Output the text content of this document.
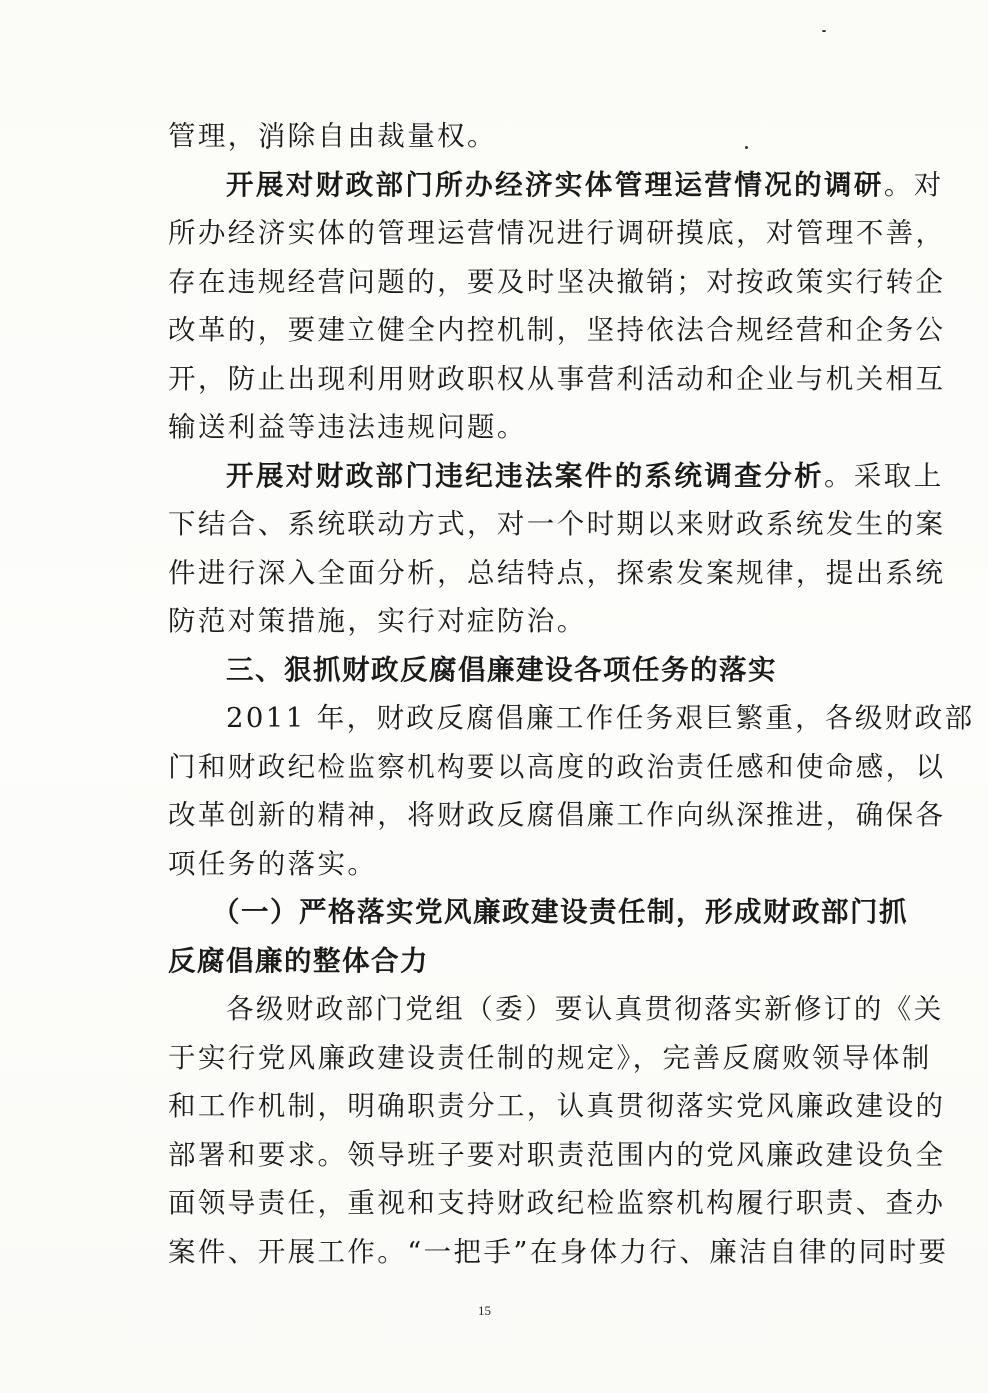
管理，消除自由裁量权。
开展对财政部门所办经济实体管理运营情况的调研。对
所办经济实体的管理运营情况进行调研摸底，对管理不善，
存在违规经营问题的，要及时坚决撤销；对按政策实行转企
改革的，要建立健全内控机制，坚持依法合规经营和企务公
开，防止出现利用财政职权从事营利活动和企业与机关相互
输送利益等违法违规问题。
开展对财政部门违纪违法案件的系统调查分析。采取上
下结合、系统联动方式，对一个时期以来财政系统发生的案
件进行深入全面分析，总结特点，探索发案规律，提出系统
防范对策措施，实行对症防治。
三、狠抓财政反腐倡廉建设各项任务的落实
2011 年，财政反腐倡廉工作任务艰巨繁重，各级财政部
门和财政纪检监察机构要以高度的政治责任感和使命感，以
改革创新的精神，将财政反腐倡廉工作向纵深推进，确保各
项任务的落实。
（一）严格落实党风廉政建设责任制，形成财政部门抓
反腐倡廉的整体合力
各级财政部门党组（委）要认真贯彻落实新修订的《关
于实行党风廉政建设责任制的规定》，完善反腐败领导体制
和工作机制，明确职责分工，认真贯彻落实党风廉政建设的
部署和要求。领导班子要对职责范围内的党风廉政建设负全
面领导责任，重视和支持财政纪检监察机构履行职责、查办
案件、开展工作。“一把手”在身体力行、廉洁自律的同时要
15
